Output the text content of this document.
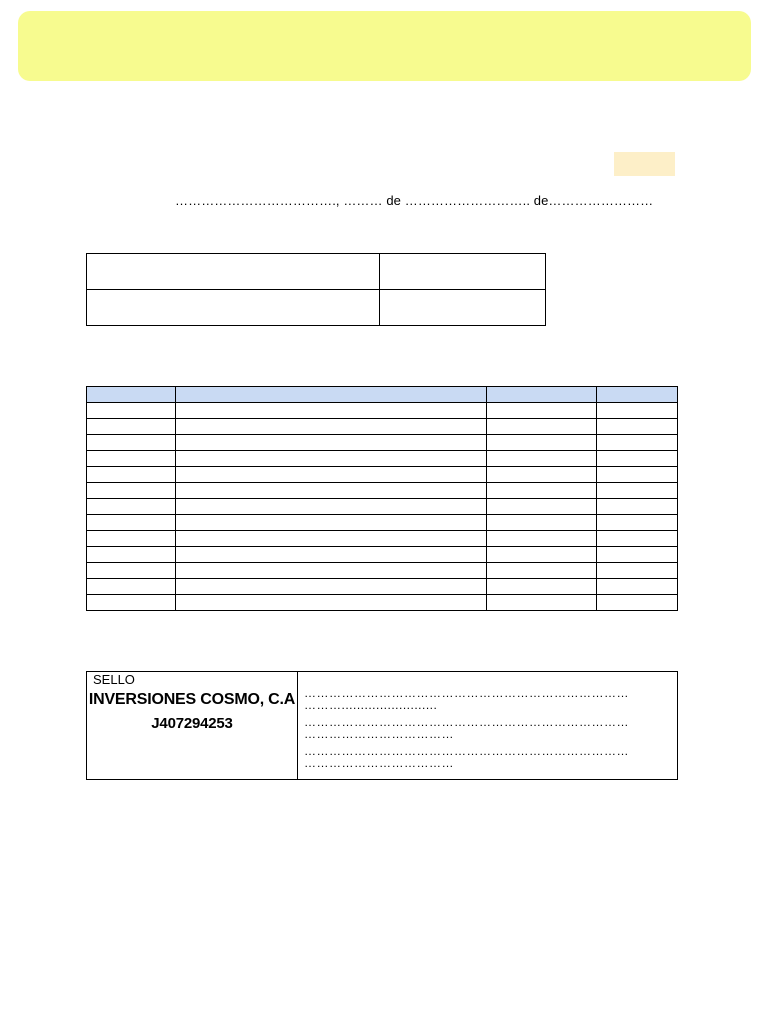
………………………………., ……… de ……………………….. de……………………

SELLO
INVERSIONES COSMO, C.A
J407294253

……………………………………………………………………
……….........................
……………………………………………………………………
………………………………
……………………………………………………………………
………………………………
